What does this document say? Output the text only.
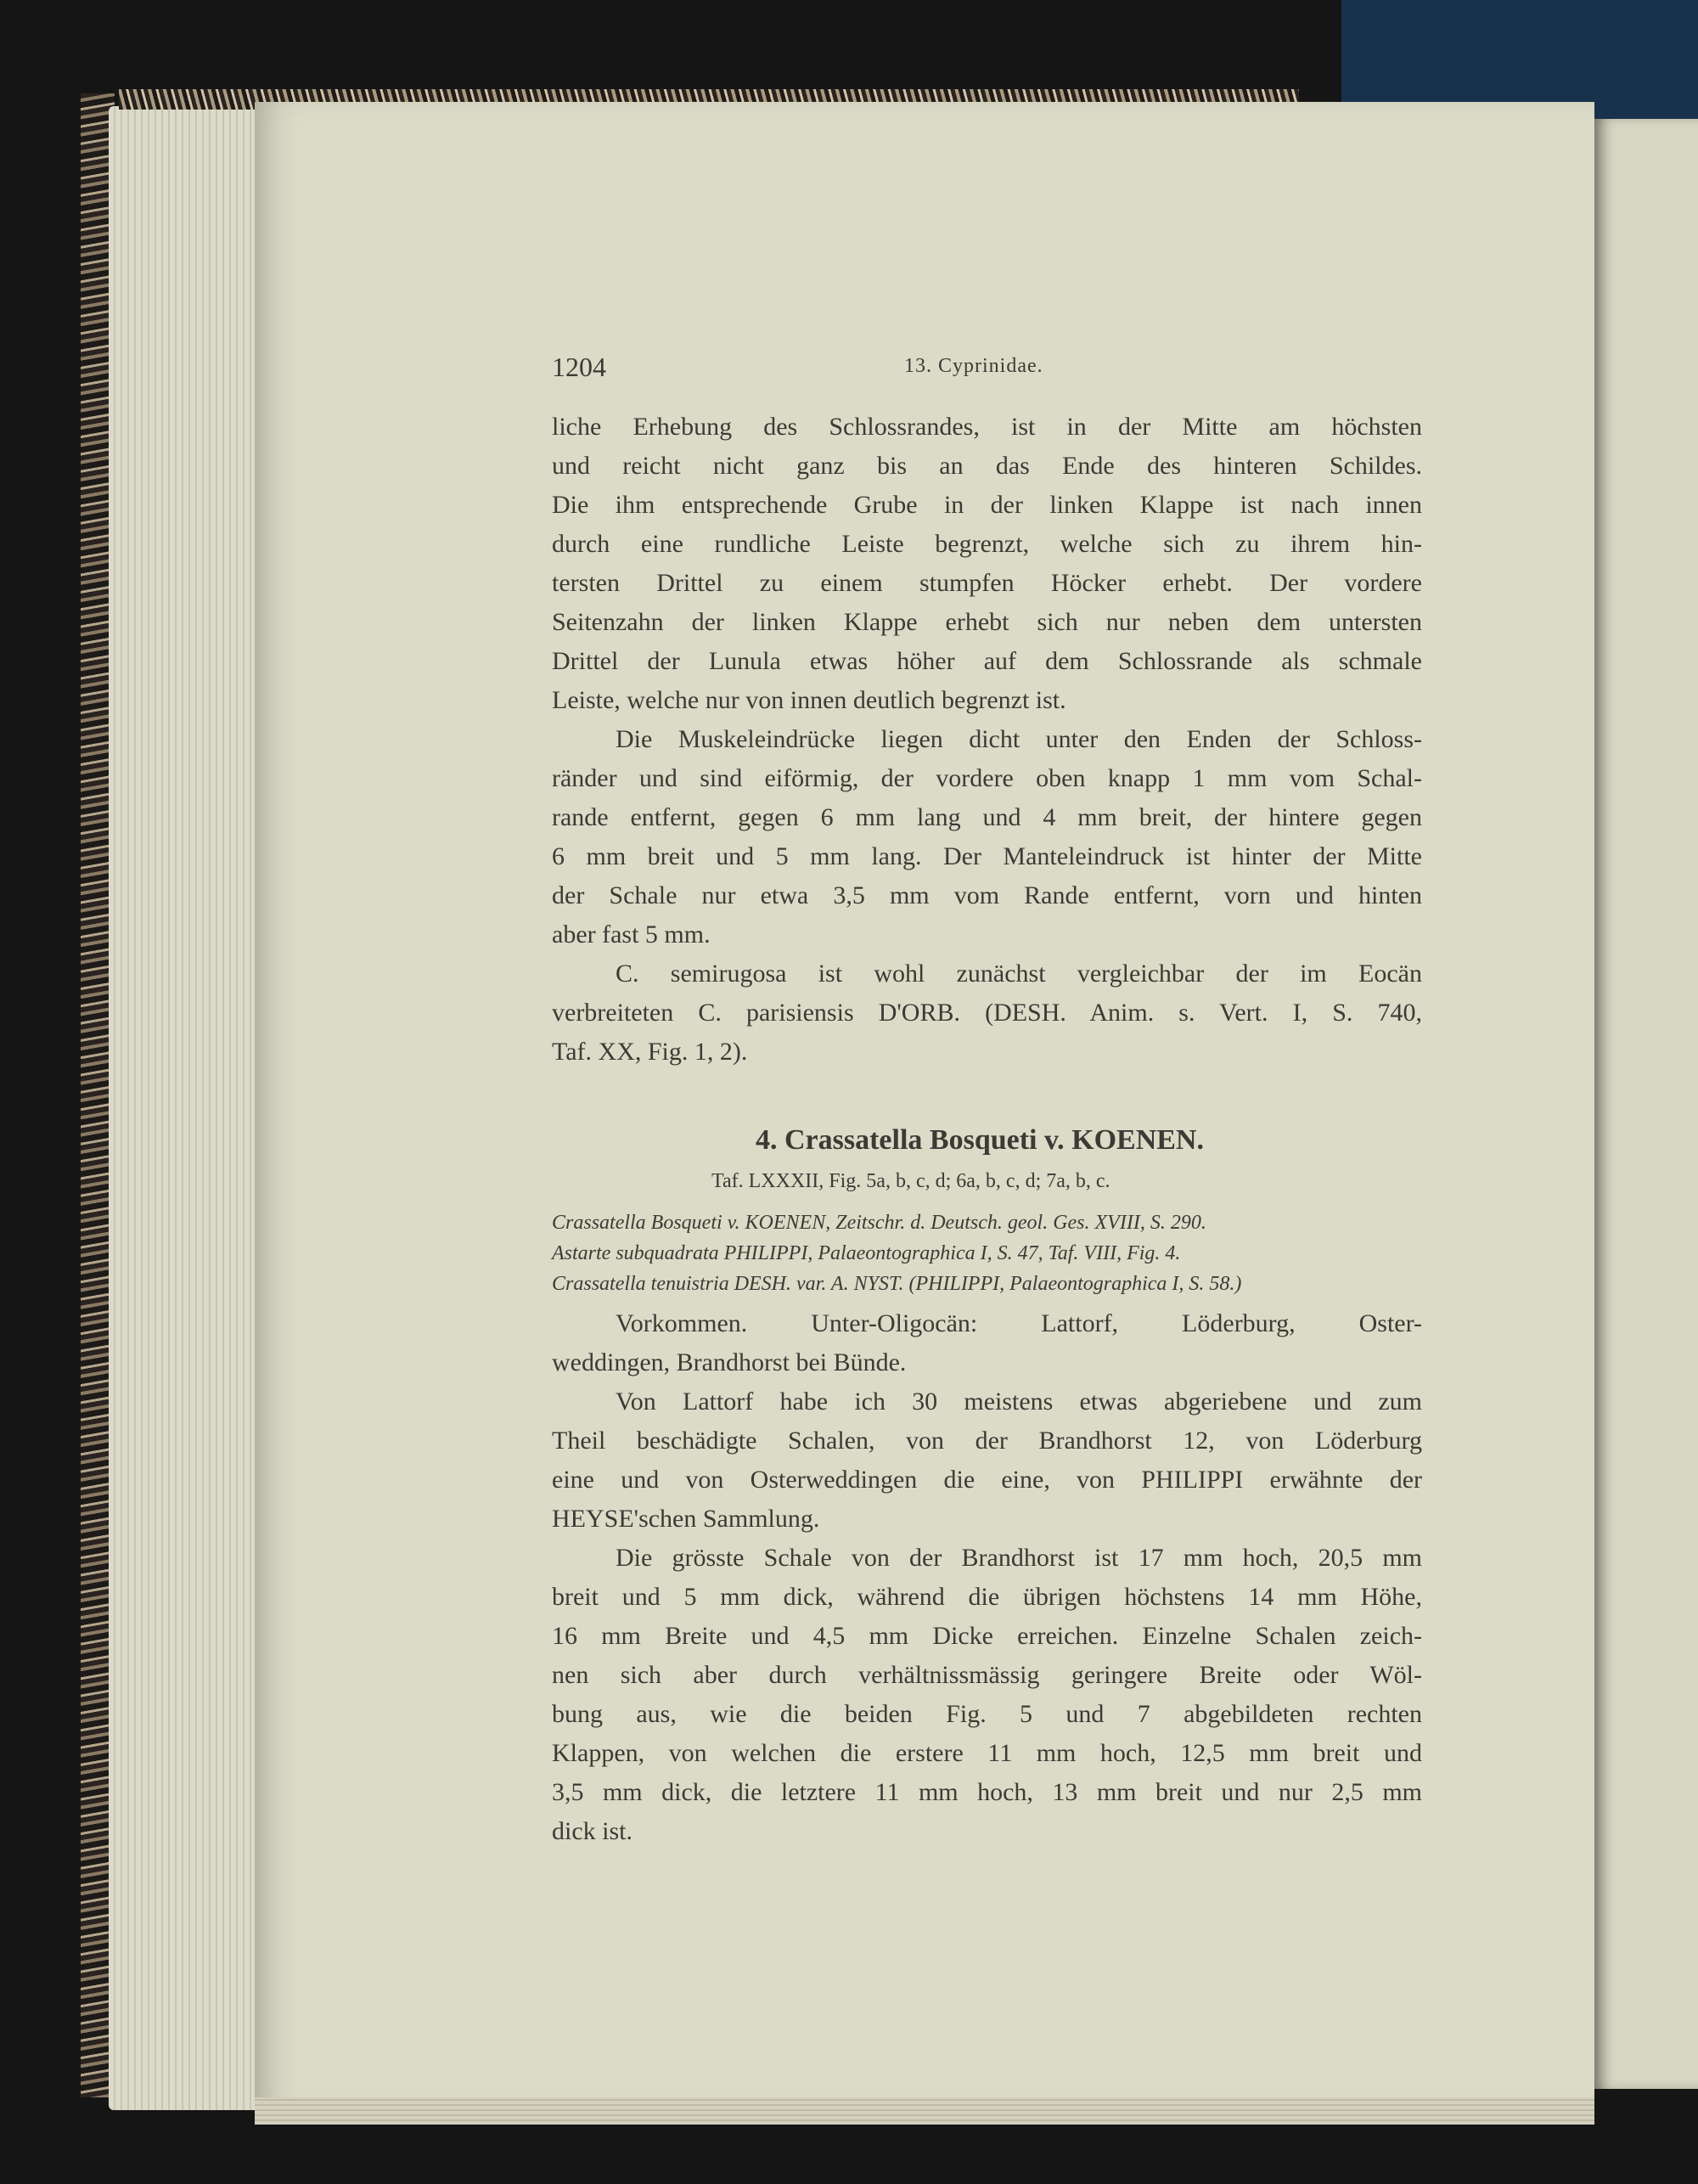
1204	13. Cyprinidae.
liche Erhebung des Schlossrandes, ist in der Mitte am höchsten
und reicht nicht ganz bis an das Ende des hinteren Schildes.
Die ihm entsprechende Grube in der linken Klappe ist nach innen
durch eine rundliche Leiste begrenzt, welche sich zu ihrem hin-
tersten Drittel zu einem stumpfen Höcker erhebt. Der vordere
Seitenzahn der linken Klappe erhebt sich nur neben dem untersten
Drittel der Lunula etwas höher auf dem Schlossrande als schmale
Leiste, welche nur von innen deutlich begrenzt ist.
Die Muskeleindrücke liegen dicht unter den Enden der Schloss-
ränder und sind eiförmig, der vordere oben knapp 1 mm vom Schal-
rande entfernt, gegen 6 mm lang und 4 mm breit, der hintere gegen
6 mm breit und 5 mm lang. Der Manteleindruck ist hinter der Mitte
der Schale nur etwa 3,5 mm vom Rande entfernt, vorn und hinten
aber fast 5 mm.
C. semirugosa ist wohl zunächst vergleichbar der im Eocän
verbreiteten C. parisiensis D'ORB. (DESH. Anim. s. Vert. I, S. 740,
Taf. XX, Fig. 1, 2).
4. Crassatella Bosqueti v. KOENEN.
Taf. LXXXII, Fig. 5a, b, c, d; 6a, b, c, d; 7a, b, c.
Crassatella Bosqueti v. KOENEN, Zeitschr. d. Deutsch. geol. Ges. XVIII, S. 290.
Astarte subquadrata PHILIPPI, Palaeontographica I, S. 47, Taf. VIII, Fig. 4.
Crassatella tenuistria DESH. var. A. NYST. (PHILIPPI, Palaeontographica I, S. 58.)
Vorkommen. Unter-Oligocän: Lattorf, Löderburg, Oster-
weddingen, Brandhorst bei Bünde.
Von Lattorf habe ich 30 meistens etwas abgeriebene und zum
Theil beschädigte Schalen, von der Brandhorst 12, von Löderburg
eine und von Osterweddingen die eine, von PHILIPPI erwähnte der
HEYSE'schen Sammlung.
Die grösste Schale von der Brandhorst ist 17 mm hoch, 20,5 mm
breit und 5 mm dick, während die übrigen höchstens 14 mm Höhe,
16 mm Breite und 4,5 mm Dicke erreichen. Einzelne Schalen zeich-
nen sich aber durch verhältnissmässig geringere Breite oder Wöl-
bung aus, wie die beiden Fig. 5 und 7 abgebildeten rechten
Klappen, von welchen die erstere 11 mm hoch, 12,5 mm breit und
3,5 mm dick, die letztere 11 mm hoch, 13 mm breit und nur 2,5 mm
dick ist.
